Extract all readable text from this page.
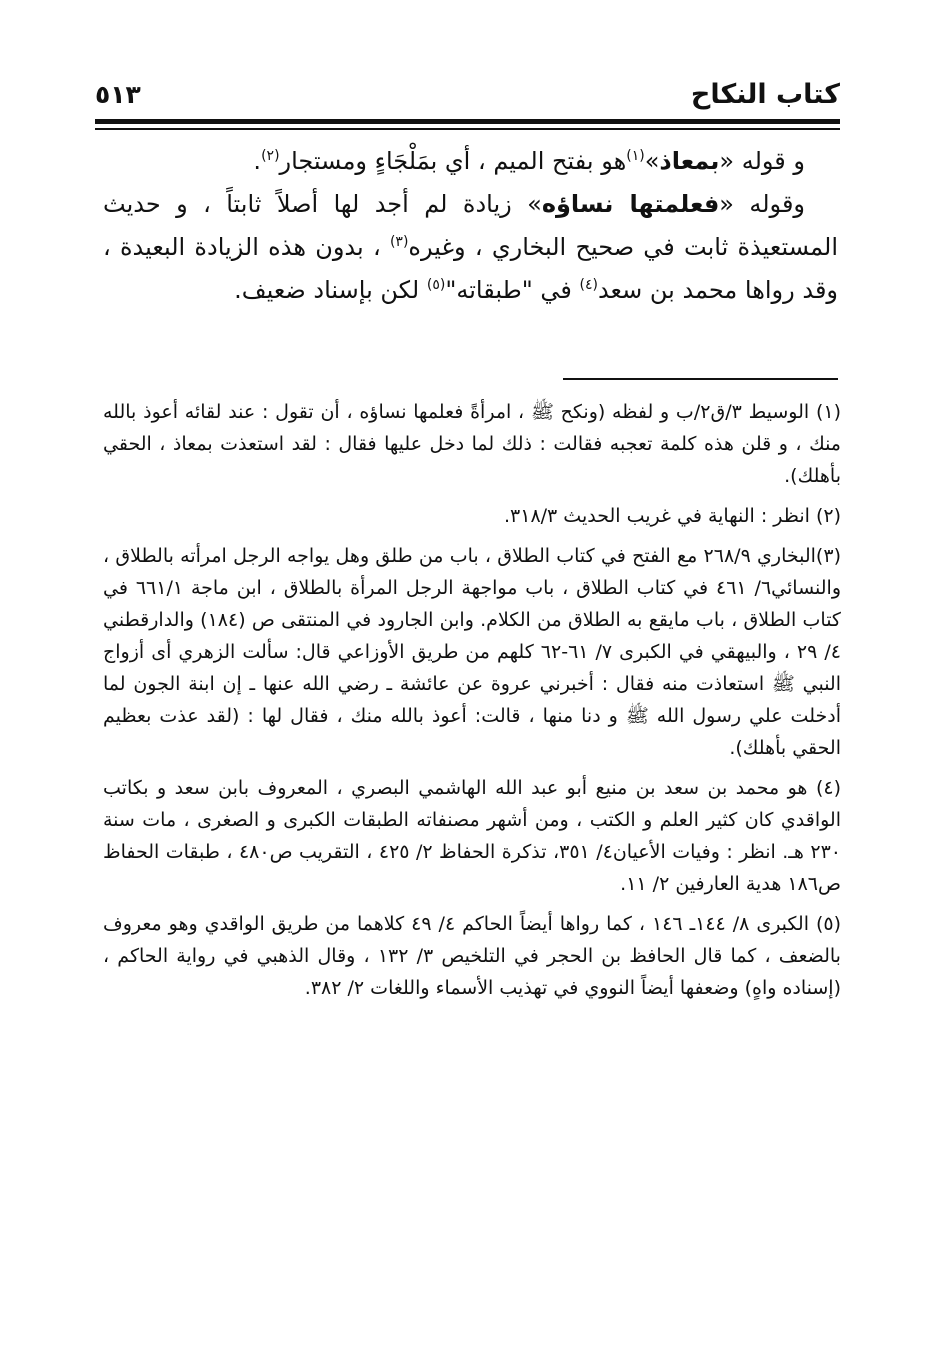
كتاب النكاح
٥١٣

و قوله «بمعاذ»$^{(١)}$هو بفتح الميم ، أي بمَلْجَاءٍ ومستجار$^{(٢)}$.

وقوله «فعلمتها نساؤه» زيادة لم أجد لها أصلاً ثابتاً ، و حديث المستعيذة ثابت في صحيح البخاري ، وغيره$^{(٣)}$ ، بدون هذه الزيادة البعيدة ، وقد رواها محمد بن سعد$^{(٤)}$ في "طبقاته"$^{(٥)}$ لكن بإسناد ضعيف.

(١) الوسيط ٣/ق٢/ب و لفظه (ونكح ﷺ ، امرأةً فعلمها نساؤه ، أن تقول : عند لقائه أعوذ بالله منك ، و قلن هذه كلمة تعجبه فقالت : ذلك لما دخل عليها فقال : لقد استعذت بمعاذ ، الحقي بأهلك).

(٢) انظر : النهاية في غريب الحديث ٣١٨/٣.

(٣)البخاري ٢٦٨/٩ مع الفتح في كتاب الطلاق ، باب من طلق وهل يواجه الرجل امرأته بالطلاق ، والنسائي٦/ ٤٦١ في كتاب الطلاق ، باب مواجهة الرجل المرأة بالطلاق ، ابن ماجة ٦٦١/١ في كتاب الطلاق ، باب مايقع به الطلاق من الكلام. وابن الجارود في المنتقى ص (١٨٤) والدارقطني ٤/ ٢٩ ، والبيهقي في الكبرى ٧/ ٦١-٦٢ كلهم من طريق الأوزاعي قال: سألت الزهري أى أزواج النبي ﷺ استعاذت منه فقال : أخبرني عروة عن عائشة ـ رضي الله عنها ـ إن ابنة الجون لما أدخلت علي رسول الله ﷺ و دنا منها ، قالت: أعوذ بالله منك ، فقال لها : (لقد عذت بعظيم الحقي بأهلك).

(٤) هو محمد بن سعد بن منيع أبو عبد الله الهاشمي البصري ، المعروف بابن سعد و بكاتب الواقدي كان كثير العلم و الكتب ، ومن أشهر مصنفاته الطبقات الكبرى و الصغرى ، مات سنة ٢٣٠ هـ. انظر : وفيات الأعيان٤/ ٣٥١، تذكرة الحفاظ ٢/ ٤٢٥ ، التقريب ص٤٨٠ ، طبقات الحفاظ ص١٨٦ هدية العارفين ٢/ ١١.

(٥) الكبرى ٨/ ١٤٤ـ ١٤٦ ، كما رواها أيضاً الحاكم ٤/ ٤٩ كلاهما من طريق الواقدي وهو معروف بالضعف ، كما قال الحافظ بن الحجر في التلخيص ٣/ ١٣٢ ، وقال الذهبي في رواية الحاكم ، (إسناده واهٍ) وضعفها أيضاً النووي في تهذيب الأسماء واللغات ٢/ ٣٨٢.
